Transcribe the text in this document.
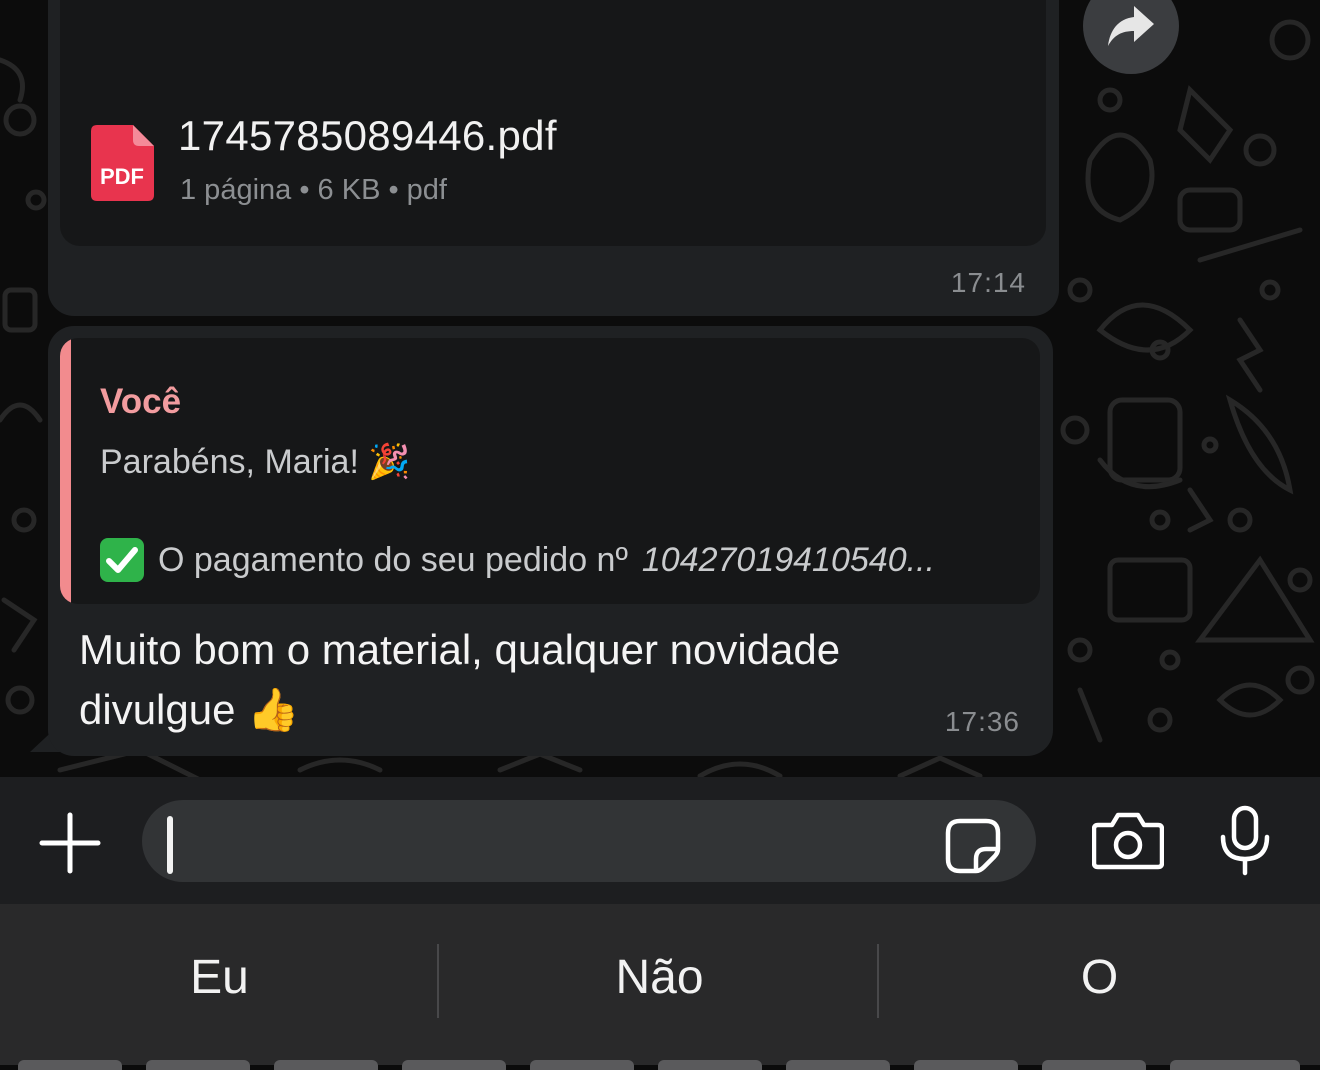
PDF
1745785089446.pdf
1 página • 6 KB • pdf
17:14
Você
Parabéns, Maria! 🎉
O pagamento do seu pedido nº 10427019410540...
Muito bom o material, qualquer novidade divulgue 👍	17:36
Eu	Não	O
